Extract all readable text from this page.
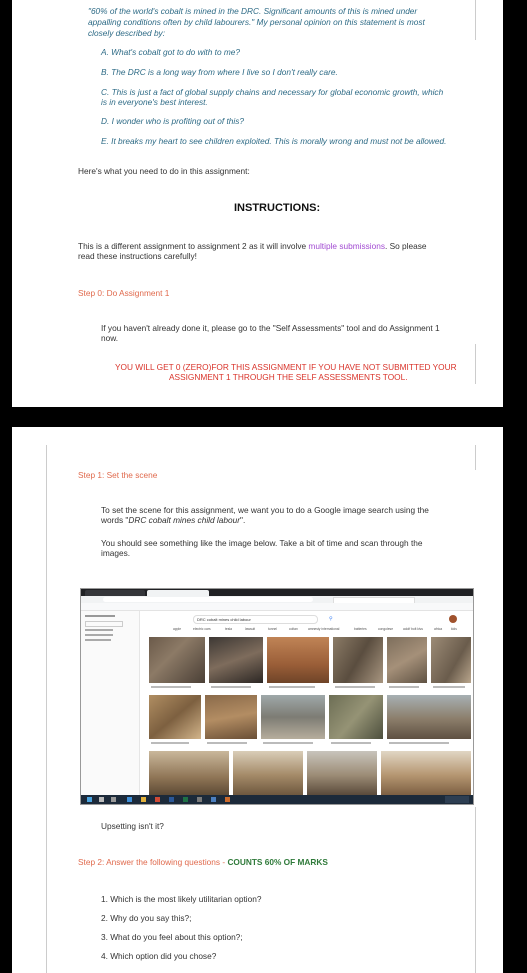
"60% of the world's cobalt is mined in the DRC. Significant amounts of this is mined under

appalling conditions often by child labourers." My personal opinion on this statement is most

closely described by:

A. What's cobalt got to do with to me?

B. The DRC is a long way from where I live so I don't really care.

C. This is just a fact of global supply chains and necessary for global economic growth, which

is in everyone's best interest.

D. I wonder who is profiting out of this?

E. It breaks my heart to see children exploited. This is morally wrong and must not be allowed.

Here's what you need to do in this assignment:

INSTRUCTIONS:

This is a different assignment to assignment 2 as it will involve multiple submissions. So please

read these instructions carefully!

Step 0: Do Assignment 1

If you haven't already done it, please go to the "Self Assessments" tool and do Assignment 1

now.

YOU WILL GET 0 (ZERO)FOR THIS ASSIGNMENT IF YOU HAVE NOT SUBMITTED YOUR

ASSIGNMENT 1 THROUGH THE SELF ASSESSMENTS TOOL.

Step 1: Set the scene

To set the scene for this assignment, we want you to do a Google image search using the

words "DRC cobalt mines child labour".

You should see something like the image below. Take a bit of time and scan through the

images.

Upsetting isn't it?

Step 2: Answer the following questions - COUNTS 60% OF MARKS

1. Which is the most likely utilitarian option?

2. Why do you say this?;

3. What do you feel about this option?;

4. Which option did you chose?

DRC cobalt mines child labour	⚲
apple	electric cars	tesla	lawsuit	tunnel	coltan	amnesty international	batteries	congolese	adolf bolt kivu	africa	kids
